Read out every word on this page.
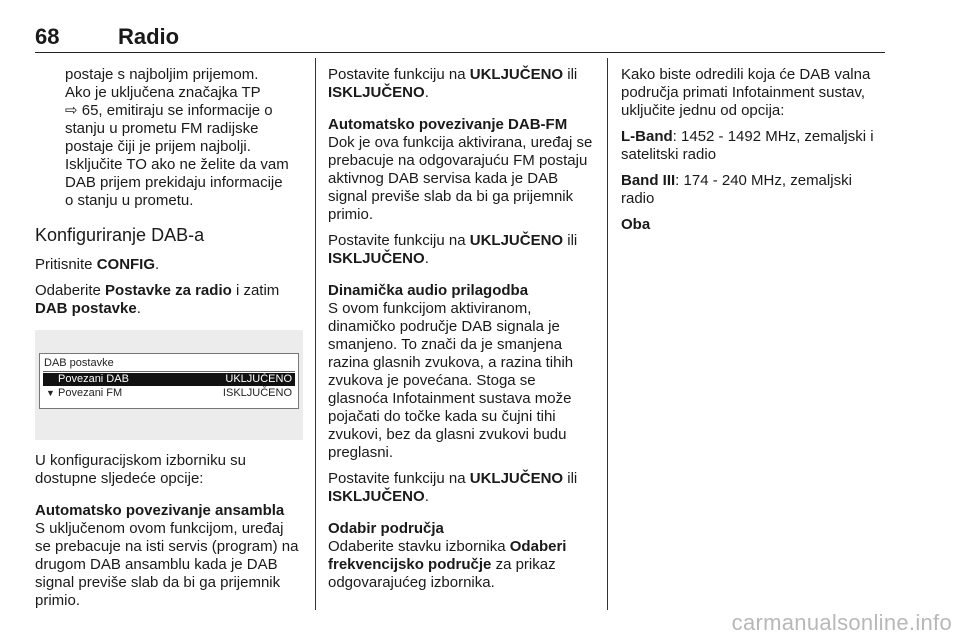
68	Radio
postaje s najboljim prijemom.
Ako je uključena značajka TP
⇨ 65, emitiraju se informacije o
stanju u prometu FM radijske
postaje čiji je prijem najbolji.
Isključite TO ako ne želite da vam
DAB prijem prekidaju informacije
o stanju u prometu.
Konfiguriranje DAB-a

Pritisnite CONFIG.

Odaberite Postavke za radio i zatim
DAB postavke.

DAB postavke
Povezani DAB	UKLJUČENO
▼ Povezani FM	ISKLJUČENO

U konfiguracijskom izborniku su dostupne sljedeće opcije:

Automatsko povezivanje ansambla

S uključenom ovom funkcijom, uređaj se prebacuje na isti servis (program) na drugom DAB ansamblu kada je DAB signal previše slab da bi ga prijemnik primio.

Postavite funkciju na UKLJUČENO ili
ISKLJUČENO.

Automatsko povezivanje DAB-FM

Dok je ova funkcija aktivirana, uređaj se prebacuje na odgovarajuću FM postaju aktivnog DAB servisa kada je DAB signal previše slab da bi ga prijemnik primio.

Postavite funkciju na UKLJUČENO ili
ISKLJUČENO.

Dinamička audio prilagodba

S ovom funkcijom aktiviranom, dinamičko područje DAB signala je smanjeno. To znači da je smanjena razina glasnih zvukova, a razina tihih zvukova je povećana. Stoga se glasnoća Infotainment sustava može pojačati do točke kada su čujni tihi zvukovi, bez da glasni zvukovi budu preglasni.

Postavite funkciju na UKLJUČENO ili
ISKLJUČENO.

Odabir područja

Odaberite stavku izbornika Odaberi frekvencijsko područje za prikaz odgovarajućeg izbornika.

Kako biste odredili koja će DAB valna područja primati Infotainment sustav, uključite jednu od opcija:

L-Band: 1452 - 1492 MHz, zemaljski i satelitski radio

Band III: 174 - 240 MHz, zemaljski radio

Oba

carmanualsonline.info
